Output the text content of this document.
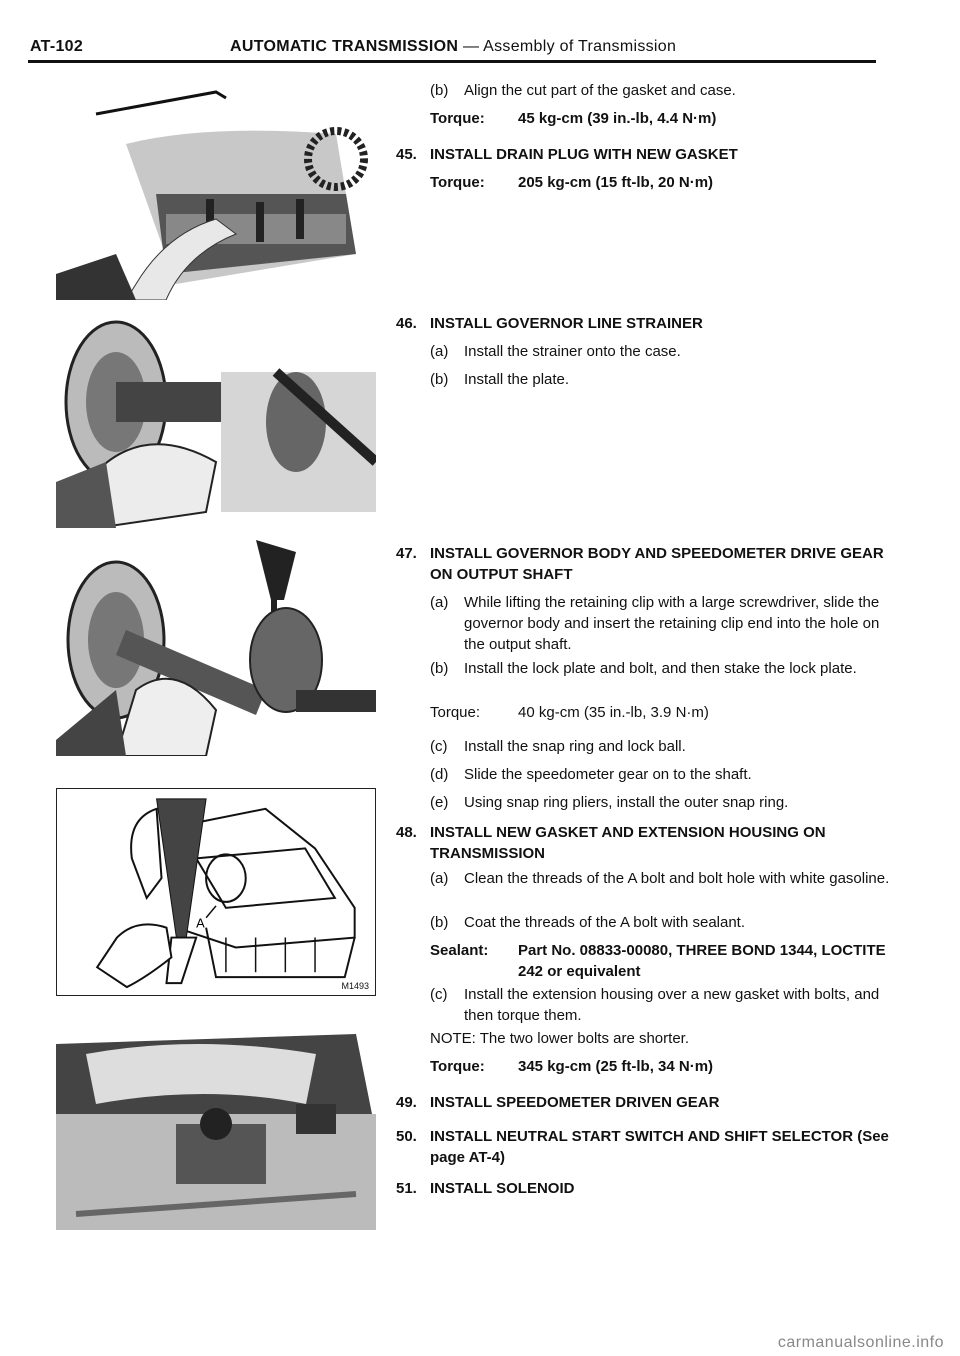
AT-102	AUTOMATIC TRANSMISSION — Assembly of Transmission
A
M1493
(b)	Align the cut part of the gasket and case.
Torque: 45 kg-cm (39 in.-lb, 4.4 N·m)
45. INSTALL DRAIN PLUG WITH NEW GASKET
Torque: 205 kg-cm (15 ft-lb, 20 N·m)
46. INSTALL GOVERNOR LINE STRAINER
(a)	Install the strainer onto the case.
(b)	Install the plate.
47. INSTALL GOVERNOR BODY AND SPEEDOMETER DRIVE GEAR ON OUTPUT SHAFT
(a)	While lifting the retaining clip with a large screwdriver, slide the governor body and insert the retaining clip end into the hole on the output shaft.
(b)	Install the lock plate and bolt, and then stake the lock plate.
Torque:	40 kg-cm (35 in.-lb, 3.9 N·m)
(c)	Install the snap ring and lock ball.
(d)	Slide the speedometer gear on to the shaft.
(e)	Using snap ring pliers, install the outer snap ring.
48. INSTALL NEW GASKET AND EXTENSION HOUSING ON TRANSMISSION
(a)	Clean the threads of the A bolt and bolt hole with white gasoline.
(b)	Coat the threads of the A bolt with sealant.
Sealant:	Part No. 08833-00080, THREE BOND 1344, LOCTITE 242 or equivalent
(c)	Install the extension housing over a new gasket with bolts, and then torque them.
NOTE: The two lower bolts are shorter.
Torque: 345 kg-cm (25 ft-lb, 34 N·m)
49. INSTALL SPEEDOMETER DRIVEN GEAR
50. INSTALL NEUTRAL START SWITCH AND SHIFT SELECTOR (See page AT-4)
51. INSTALL SOLENOID
carmanualsonline.info
